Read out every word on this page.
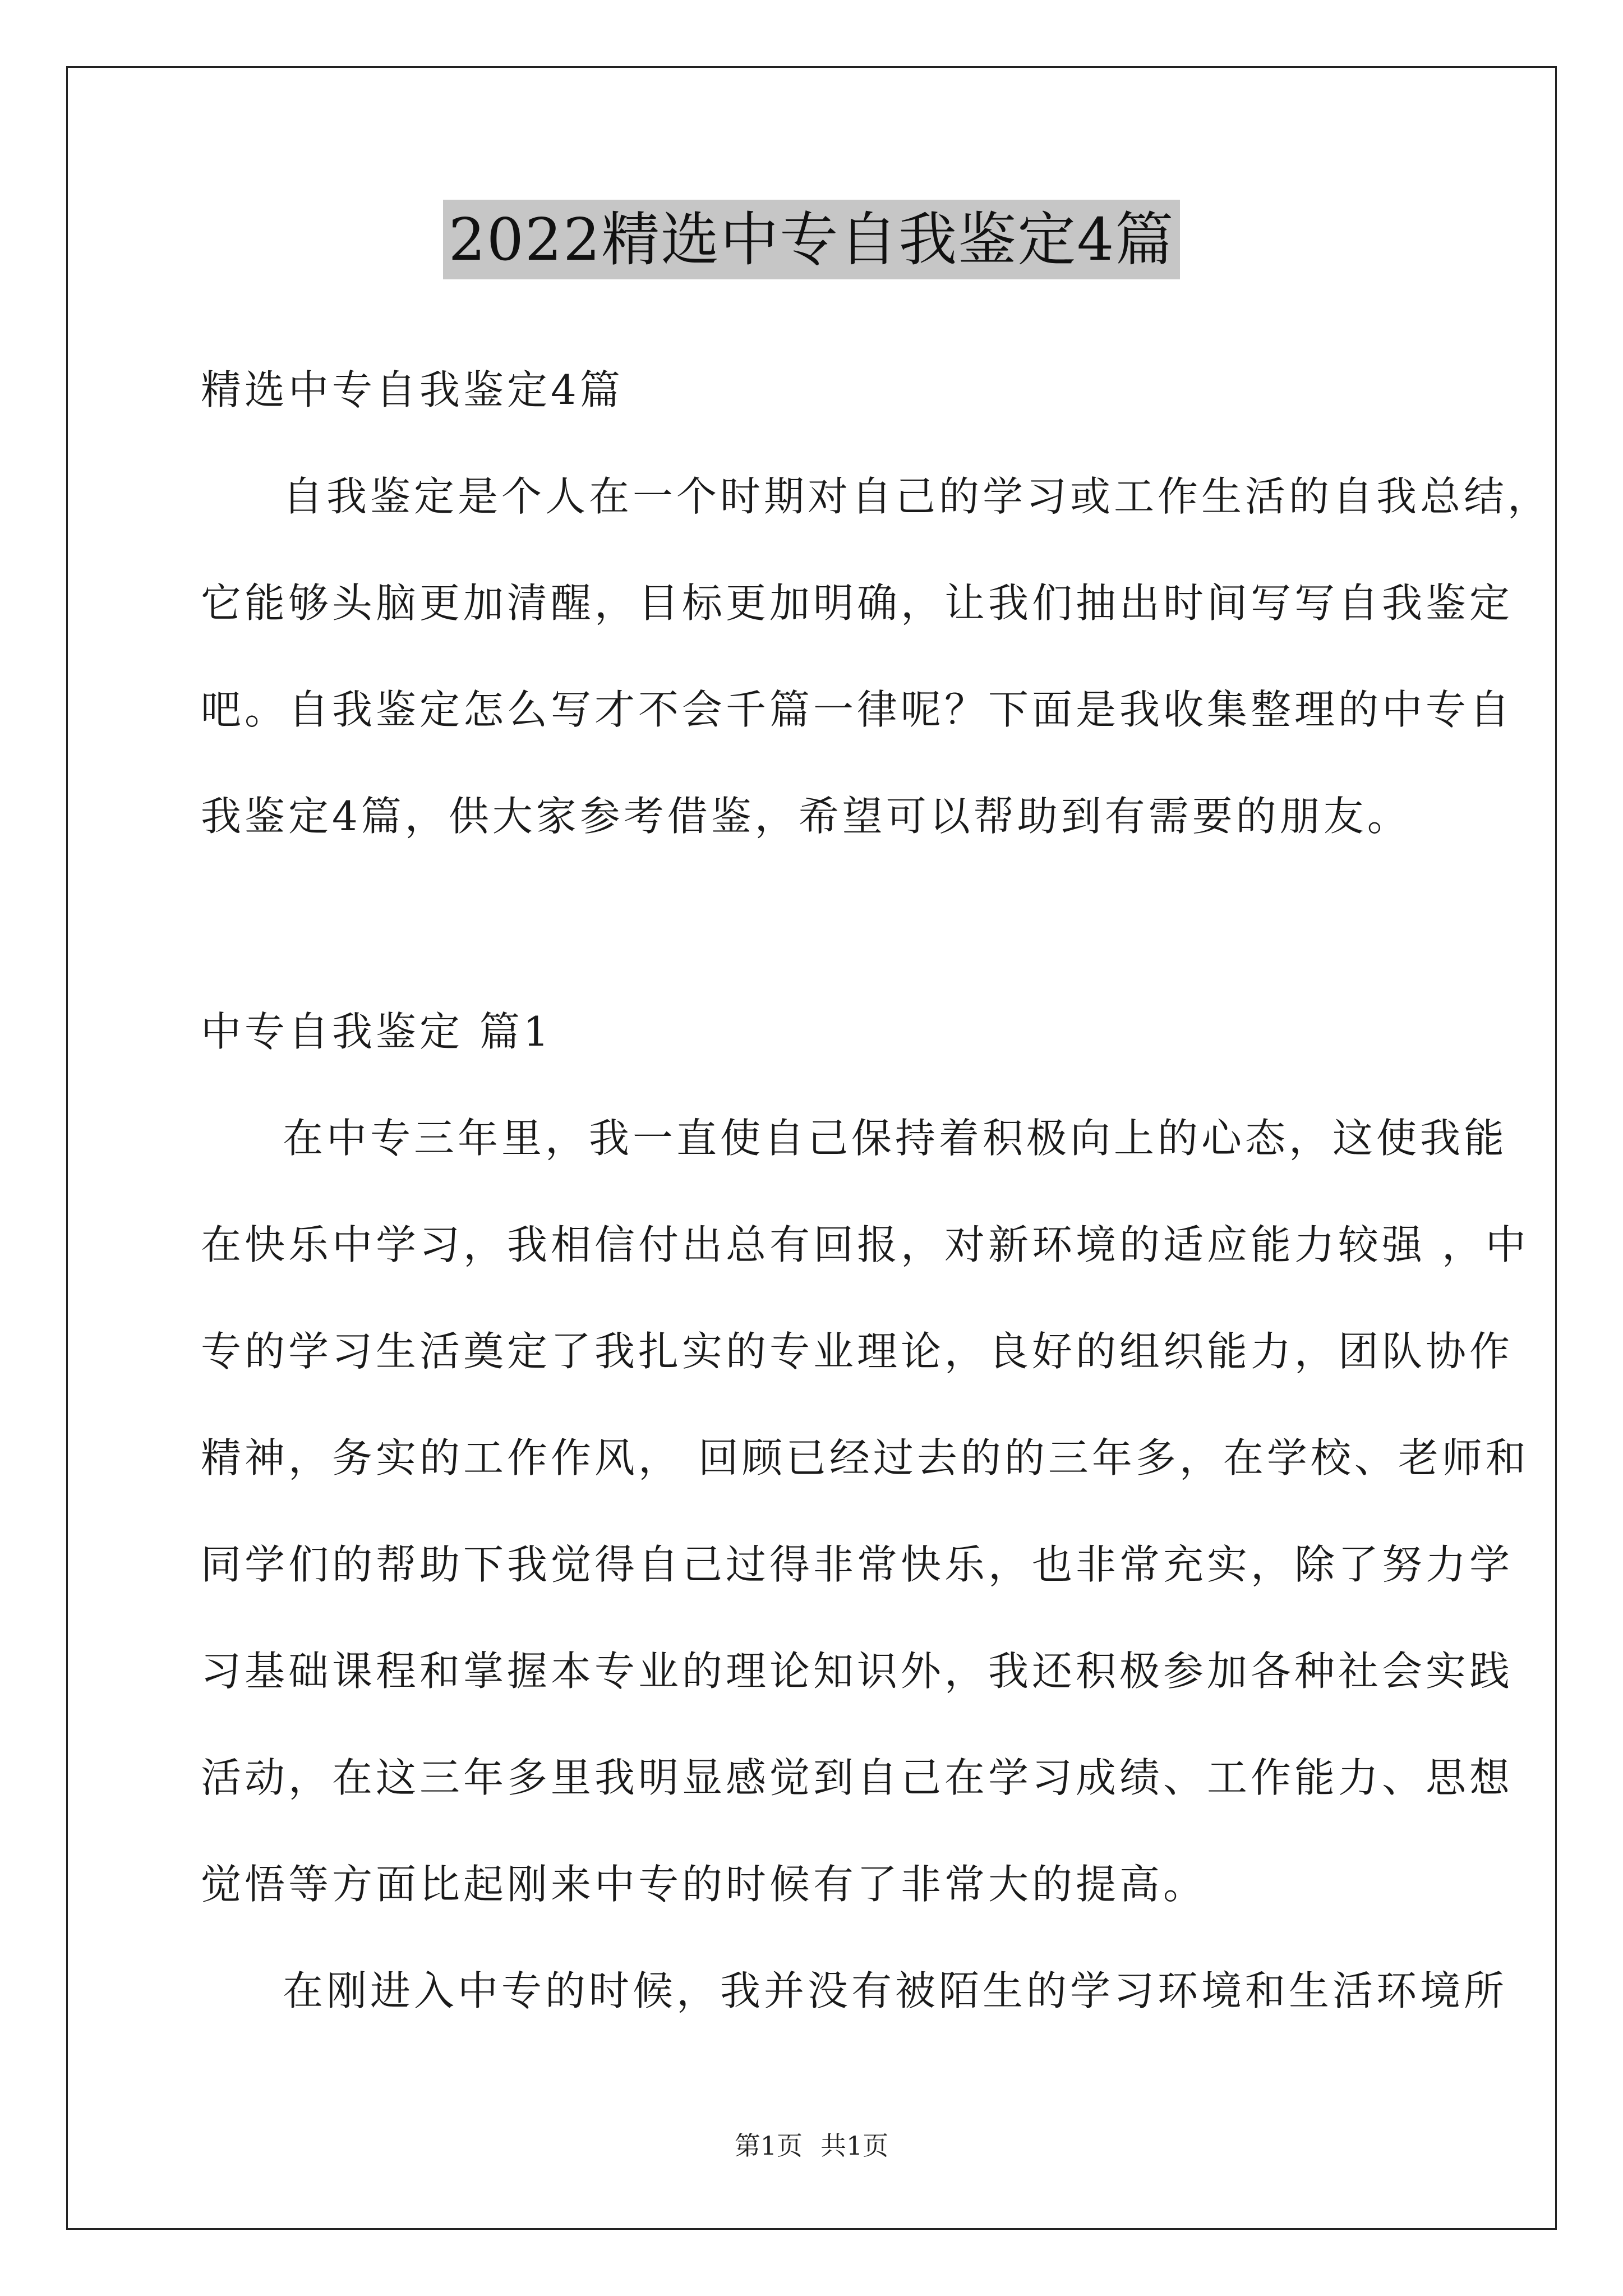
2022精选中专自我鉴定4篇

精选中专自我鉴定4篇

自我鉴定是个人在一个时期对自己的学习或工作生活的自我总结，

它能够头脑更加清醒，目标更加明确，让我们抽出时间写写自我鉴定

吧。自我鉴定怎么写才不会千篇一律呢？下面是我收集整理的中专自

我鉴定4篇，供大家参考借鉴，希望可以帮助到有需要的朋友。

中专自我鉴定 篇1

在中专三年里，我一直使自己保持着积极向上的心态，这使我能

在快乐中学习，我相信付出总有回报，对新环境的适应能力较强 ，中

专的学习生活奠定了我扎实的专业理论，良好的组织能力，团队协作

精神，务实的工作作风， 回顾已经过去的的三年多，在学校、老师和

同学们的帮助下我觉得自己过得非常快乐，也非常充实，除了努力学

习基础课程和掌握本专业的理论知识外，我还积极参加各种社会实践

活动，在这三年多里我明显感觉到自己在学习成绩、工作能力、思想

觉悟等方面比起刚来中专的时候有了非常大的提高。

在刚进入中专的时候，我并没有被陌生的学习环境和生活环境所

第1页 共1页
